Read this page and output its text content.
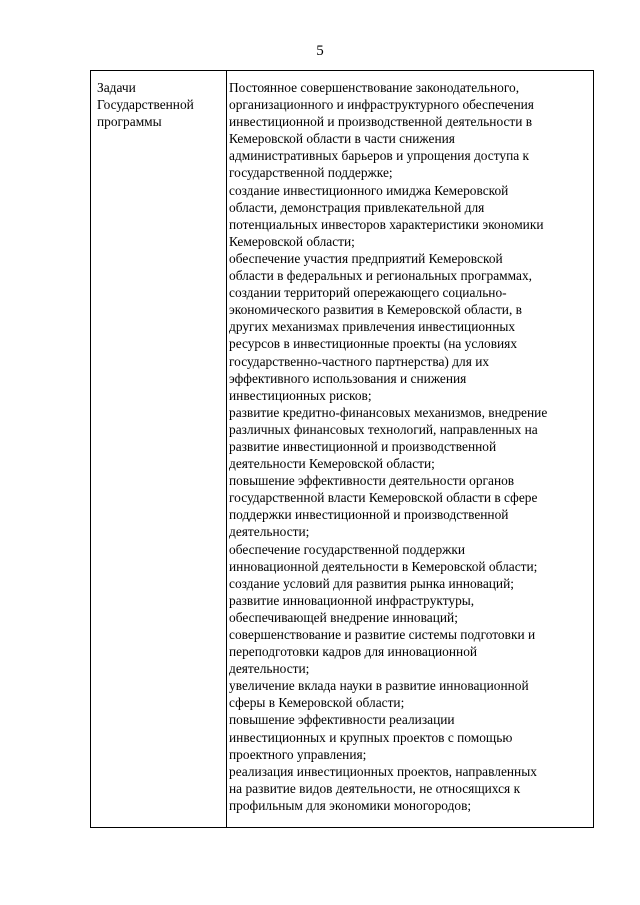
5
Задачи
Государственной
программы
Постоянное совершенствование законодательного,
организационного и инфраструктурного обеспечения
инвестиционной и производственной деятельности в
Кемеровской области в части снижения
административных барьеров и упрощения доступа к
государственной поддержке;
создание инвестиционного имиджа Кемеровской
области, демонстрация привлекательной для
потенциальных инвесторов характеристики экономики
Кемеровской области;
обеспечение участия предприятий Кемеровской
области в федеральных и региональных программах,
создании территорий опережающего социально-
экономического развития в Кемеровской области, в
других механизмах привлечения инвестиционных
ресурсов в инвестиционные проекты (на условиях
государственно-частного партнерства) для их
эффективного использования и снижения
инвестиционных рисков;
развитие кредитно-финансовых механизмов, внедрение
различных финансовых технологий, направленных на
развитие инвестиционной и производственной
деятельности Кемеровской области;
повышение эффективности деятельности органов
государственной власти Кемеровской области в сфере
поддержки инвестиционной и производственной
деятельности;
обеспечение государственной поддержки
инновационной деятельности в Кемеровской области;
создание условий для развития рынка инноваций;
развитие инновационной инфраструктуры,
обеспечивающей внедрение инноваций;
совершенствование и развитие системы подготовки и
переподготовки кадров для инновационной
деятельности;
увеличение вклада науки в развитие инновационной
сферы в Кемеровской области;
повышение эффективности реализации
инвестиционных и крупных проектов с помощью
проектного управления;
реализация инвестиционных проектов, направленных
на развитие видов деятельности, не относящихся к
профильным для экономики моногородов;
